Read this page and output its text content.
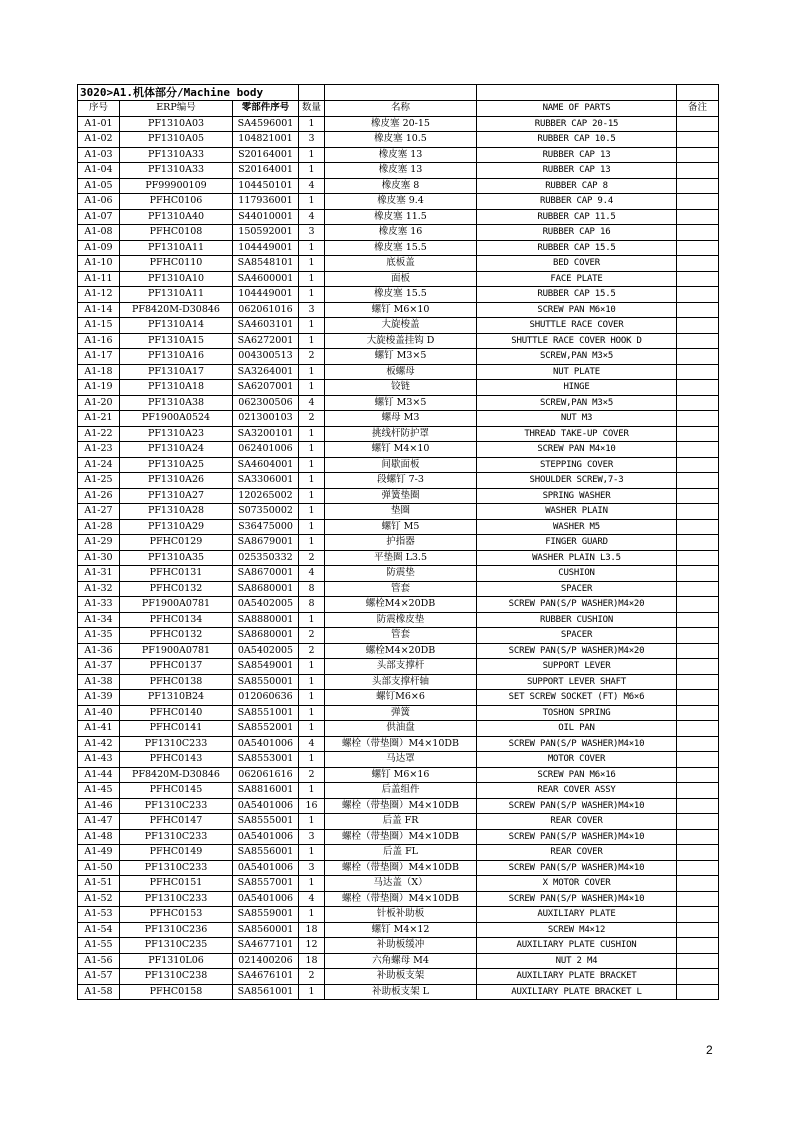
3020>A1.机体部分/Machine body						
序号	ERP编号	零部件序号	数量	名称	NAME OF PARTS	备注
A1-01	PF1310A03	SA4596001	1	橡皮塞 20-15	RUBBER CAP 20-15	
A1-02	PF1310A05	104821001	3	橡皮塞 10.5	RUBBER CAP 10.5	
A1-03	PF1310A33	S20164001	1	橡皮塞 13	RUBBER CAP 13	
A1-04	PF1310A33	S20164001	1	橡皮塞 13	RUBBER CAP 13	
A1-05	PF99900109	104450101	4	橡皮塞 8	RUBBER CAP 8	
A1-06	PFHC0106	117936001	1	橡皮塞 9.4	RUBBER CAP 9.4	
A1-07	PF1310A40	S44010001	4	橡皮塞 11.5	RUBBER CAP 11.5	
A1-08	PFHC0108	150592001	3	橡皮塞 16	RUBBER CAP 16	
A1-09	PF1310A11	104449001	1	橡皮塞 15.5	RUBBER CAP 15.5	
A1-10	PFHC0110	SA8548101	1	底板盖	BED COVER	
A1-11	PF1310A10	SA4600001	1	面板	FACE PLATE	
A1-12	PF1310A11	104449001	1	橡皮塞 15.5	RUBBER CAP 15.5	
A1-14	PF8420M-D30846	062061016	3	螺钉 M6×10	SCREW PAN M6×10	
A1-15	PF1310A14	SA4603101	1	大旋梭盖	SHUTTLE RACE COVER	
A1-16	PF1310A15	SA6272001	1	大旋梭盖挂钩 D	SHUTTLE RACE COVER HOOK D	
A1-17	PF1310A16	004300513	2	螺钉 M3×5	SCREW,PAN M3×5	
A1-18	PF1310A17	SA3264001	1	板螺母	NUT PLATE	
A1-19	PF1310A18	SA6207001	1	铰链	HINGE	
A1-20	PF1310A38	062300506	4	螺钉 M3×5	SCREW,PAN M3×5	
A1-21	PF1900A0524	021300103	2	螺母 M3	NUT M3	
A1-22	PF1310A23	SA3200101	1	挑线杆防护罩	THREAD TAKE-UP COVER	
A1-23	PF1310A24	062401006	1	螺钉 M4×10	SCREW PAN M4×10	
A1-24	PF1310A25	SA4604001	1	间歇面板	STEPPING COVER	
A1-25	PF1310A26	SA3306001	1	段螺钉 7-3	SHOULDER SCREW,7-3	
A1-26	PF1310A27	120265002	1	弹簧垫圈	SPRING WASHER	
A1-27	PF1310A28	S07350002	1	垫圈	WASHER PLAIN	
A1-28	PF1310A29	S36475000	1	螺钉 M5	WASHER M5	
A1-29	PFHC0129	SA8679001	1	护指器	FINGER GUARD	
A1-30	PF1310A35	025350332	2	平垫圈 L3.5	WASHER PLAIN L3.5	
A1-31	PFHC0131	SA8670001	4	防震垫	CUSHION	
A1-32	PFHC0132	SA8680001	8	管套	SPACER	
A1-33	PF1900A0781	0A5402005	8	螺栓M4×20DB	SCREW PAN(S/P WASHER)M4×20	
A1-34	PFHC0134	SA8880001	1	防震橡皮垫	RUBBER CUSHION	
A1-35	PFHC0132	SA8680001	2	管套	SPACER	
A1-36	PF1900A0781	0A5402005	2	螺栓M4×20DB	SCREW PAN(S/P WASHER)M4×20	
A1-37	PFHC0137	SA8549001	1	头部支撑杆	SUPPORT LEVER	
A1-38	PFHC0138	SA8550001	1	头部支撑杆轴	SUPPORT LEVER SHAFT	
A1-39	PF1310B24	012060636	1	螺钉M6×6	SET SCREW SOCKET (FT) M6×6	
A1-40	PFHC0140	SA8551001	1	弹簧	TOSHON SPRING	
A1-41	PFHC0141	SA8552001	1	供油盘	OIL PAN	
A1-42	PF1310C233	0A5401006	4	螺栓（带垫圈）M4×10DB	SCREW PAN(S/P WASHER)M4×10	
A1-43	PFHC0143	SA8553001	1	马达罩	MOTOR COVER	
A1-44	PF8420M-D30846	062061616	2	螺钉 M6×16	SCREW PAN M6×16	
A1-45	PFHC0145	SA8816001	1	后盖组件	REAR COVER ASSY	
A1-46	PF1310C233	0A5401006	16	螺栓（带垫圈）M4×10DB	SCREW PAN(S/P WASHER)M4×10	
A1-47	PFHC0147	SA8555001	1	后盖 FR	REAR COVER	
A1-48	PF1310C233	0A5401006	3	螺栓（带垫圈）M4×10DB	SCREW PAN(S/P WASHER)M4×10	
A1-49	PFHC0149	SA8556001	1	后盖 FL	REAR COVER	
A1-50	PF1310C233	0A5401006	3	螺栓（带垫圈）M4×10DB	SCREW PAN(S/P WASHER)M4×10	
A1-51	PFHC0151	SA8557001	1	马达盖（X）	X MOTOR COVER	
A1-52	PF1310C233	0A5401006	4	螺栓（带垫圈）M4×10DB	SCREW PAN(S/P WASHER)M4×10	
A1-53	PFHC0153	SA8559001	1	针板补助板	AUXILIARY PLATE	
A1-54	PF1310C236	SA8560001	18	螺钉 M4×12	SCREW M4×12	
A1-55	PF1310C235	SA4677101	12	补助板缓冲	AUXILIARY PLATE CUSHION	
A1-56	PF1310L06	021400206	18	六角螺母 M4	NUT 2 M4	
A1-57	PF1310C238	SA4676101	2	补助板支架	AUXILIARY PLATE BRACKET	
A1-58	PFHC0158	SA8561001	1	补助板支架 L	AUXILIARY PLATE BRACKET L	
2
